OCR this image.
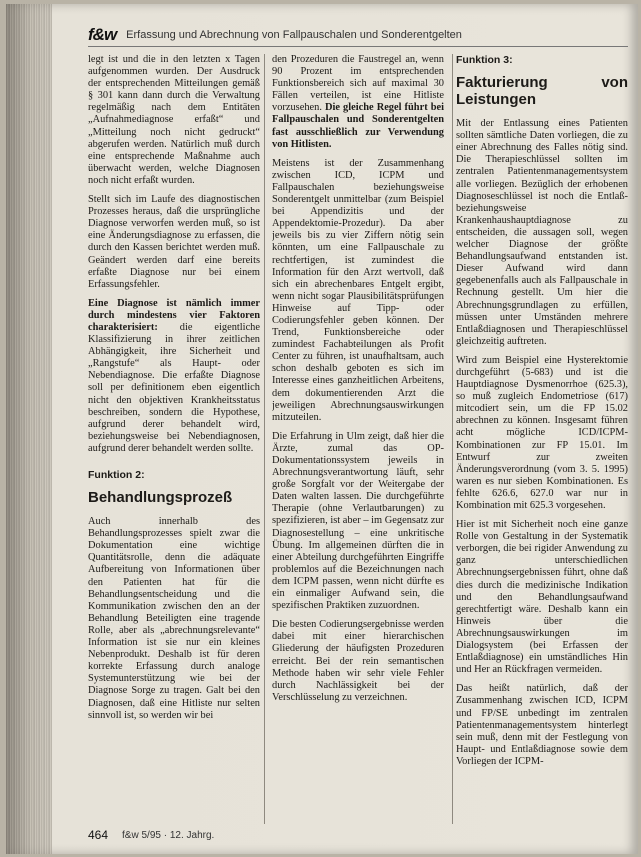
f&w Erfassung und Abrechnung von Fallpauschalen und Sonderentgelten

legt ist und die in den letzten x Tagen aufgenommen wurden. Der Ausdruck der entsprechenden Mitteilungen gemäß § 301 kann dann durch die Verwaltung regelmäßig nach dem Entitäten „Aufnahmediagnose erfaßt“ und „Mitteilung noch nicht gedruckt“ abgerufen werden. Natürlich muß durch eine entsprechende Maßnahme auch überwacht werden, welche Diagnosen noch nicht erfaßt wurden.

Stellt sich im Laufe des diagnostischen Prozesses heraus, daß die ursprüngliche Diagnose verworfen werden muß, so ist eine Änderungsdiagnose zu erfassen, die durch den Kassen berichtet werden muß. Geändert werden darf eine bereits erfaßte Diagnose nur bei einem Erfassungsfehler.

Eine Diagnose ist nämlich immer durch mindestens vier Faktoren charakterisiert: die eigentliche Klassifizierung in ihrer zeitlichen Abhängigkeit, ihre Sicherheit und „Rangstufe“ als Haupt- oder Nebendiagnose. Die erfaßte Diagnose soll per definitionem eben eigentlich nicht den objektiven Krankheitsstatus beschreiben, sondern die Hypothese, aufgrund derer behandelt wird, beziehungsweise bei Nebendiagnosen, aufgrund derer behandelt werden sollte.

Funktion 2:
Behandlungsprozeß

Auch innerhalb des Behandlungsprozesses spielt zwar die Dokumentation eine wichtige Quantitätsrolle, denn die adäquate Aufbereitung von Informationen über den Patienten hat für die Behandlungsentscheidung und die Kommunikation zwischen den an der Behandlung Beteiligten eine tragende Rolle, aber als „abrechnungsrelevante“ Information ist sie nur ein kleines Nebenprodukt. Deshalb ist für deren korrekte Erfassung durch analoge Systemunterstützung wie bei der Diagnose Sorge zu tragen. Galt bei den Diagnosen, daß eine Hitliste nur selten sinnvoll ist, so werden wir bei

den Prozeduren die Faustregel an, wenn 90 Prozent im entsprechenden Funktionsbereich sich auf maximal 30 Fällen verteilen, ist eine Hitliste vorzusehen. Die gleiche Regel führt bei Fallpauschalen und Sonderentgelten fast ausschließlich zur Verwendung von Hitlisten.

Meistens ist der Zusammenhang zwischen ICD, ICPM und Fallpauschalen beziehungsweise Sonderentgelt unmittelbar (zum Beispiel bei Appendizitis und der Appendektomie-Prozedur). Da aber jeweils bis zu vier Ziffern nötig sein könnten, um eine Fallpauschale zu rechtfertigen, ist zumindest die Information für den Arzt wertvoll, daß sich ein abrechenbares Entgelt ergibt, wenn nicht sogar Plausibilitätsprüfungen Hinweise auf Tipp- oder Codierungsfehler geben können. Der Trend, Funktionsbereiche oder zumindest Fachabteilungen als Profit Center zu führen, ist unaufhaltsam, auch schon deshalb geboten es sich im Interesse eines ganzheitlichen Arbeitens, dem dokumentierenden Arzt die jeweiligen Abrechnungsauswirkungen mitzuteilen.

Die Erfahrung in Ulm zeigt, daß hier die Ärzte, zumal das OP-Dokumentationssystem jeweils in Abrechnungsverantwortung läuft, sehr große Sorgfalt vor der Weitergabe der Daten walten lassen. Die durchgeführte Therapie (ohne Verlautbarungen) zu spezifizieren, ist aber – im Gegensatz zur Diagnosestellung – eine unkritische Übung. Im allgemeinen dürften die in einer Abteilung durchgeführten Eingriffe problemlos auf die Bezeichnungen nach dem ICPM passen, wenn nicht dürfte es ein einmaliger Aufwand sein, die spezifischen Praktiken zuzuordnen.

Die besten Codierungsergebnisse werden dabei mit einer hierarchischen Gliederung der häufigsten Prozeduren erreicht. Bei der rein semantischen Methode haben wir sehr viele Fehler durch Nachlässigkeit bei der Verschlüsselung zu verzeichnen.

Funktion 3:
Fakturierung von Leistungen

Mit der Entlassung eines Patienten sollten sämtliche Daten vorliegen, die zu einer Abrechnung des Falles nötig sind. Die Therapieschlüssel sollten im zentralen Patientenmanagementsystem alle vorliegen. Bezüglich der erhobenen Diagnoseschlüssel ist noch die Entlaß- beziehungsweise Krankenhaushauptdiagnose zu entscheiden, die aussagen soll, wegen welcher Diagnose der größte Behandlungsaufwand entstanden ist. Dieser Aufwand wird dann gegebenenfalls auch als Fallpauschale in Rechnung gestellt. Um hier die Abrechnungsgrundlagen zu erfüllen, müssen unter Umständen mehrere Entlaßdiagnosen und Therapieschlüssel gleichzeitig auftreten.

Wird zum Beispiel eine Hysterektomie durchgeführt (5-683) und ist die Hauptdiagnose Dysmenorrhoe (625.3), so muß zugleich Endometriose (617) mitcodiert sein, um die FP 15.02 abrechnen zu können. Insgesamt führen acht mögliche ICD/ICPM-Kombinationen zur FP 15.01. Im Entwurf zur zweiten Änderungsverordnung (vom 3. 5. 1995) waren es nur sieben Kombinationen. Es fehlte 626.6, 627.0 war nur in Kombination mit 625.3 vorgesehen.

Hier ist mit Sicherheit noch eine ganze Rolle von Gestaltung in der Systematik verborgen, die bei rigider Anwendung zu ganz unterschiedlichen Abrechnungsergebnissen führt, ohne daß dies durch die medizinische Indikation und den Behandlungsaufwand gerechtfertigt wäre. Deshalb kann ein Hinweis über die Abrechnungsauswirkungen im Dialogsystem (bei Erfassen der Entlaßdiagnose) ein umständliches Hin und Her an Rückfragen vermeiden.

Das heißt natürlich, daß der Zusammenhang zwischen ICD, ICPM und FP/SE unbedingt im zentralen Patientenmanagementsystem hinterlegt sein muß, denn mit der Festlegung von Haupt- und Entlaßdiagnose sowie dem Vorliegen der ICPM-

464 f&w 5/95 · 12. Jahrg.
